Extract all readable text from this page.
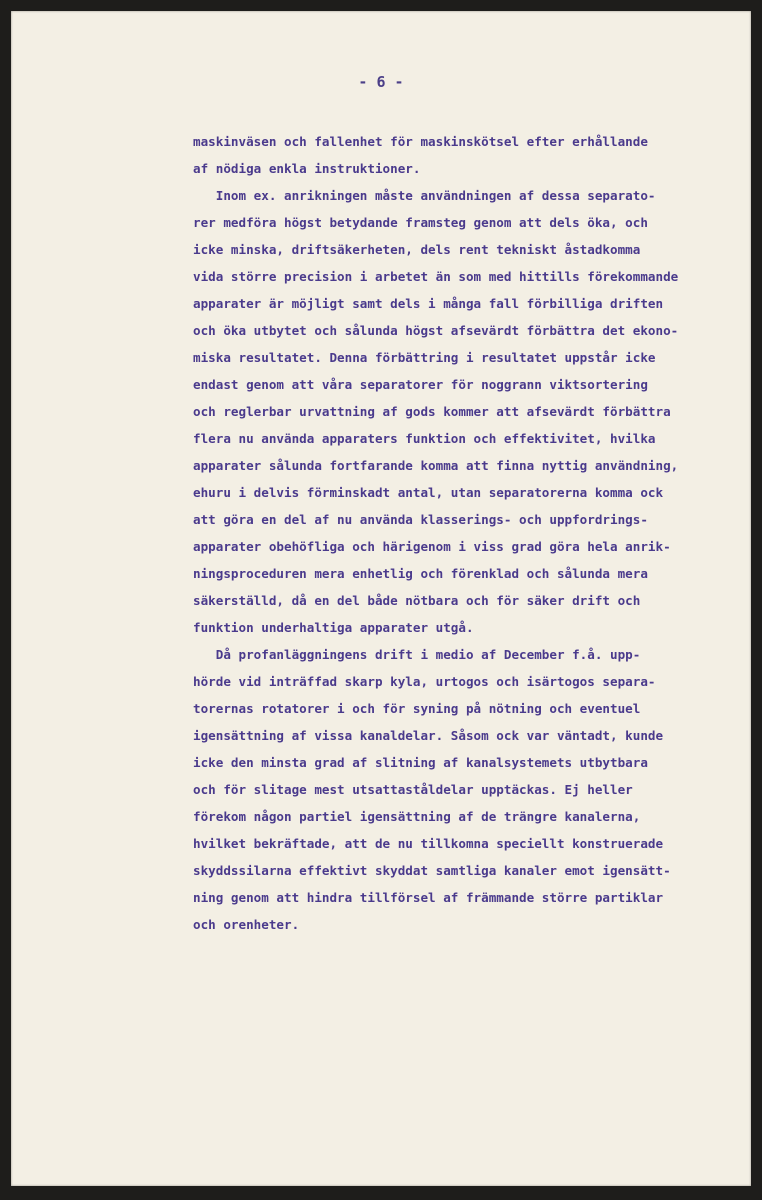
- 6 -
maskinväsen och fallenhet för maskinskötsel efter erhållande
af nödiga enkla instruktioner.
Inom ex. anrikningen måste användningen af dessa separato-
rer medföra högst betydande framsteg genom att dels öka, och
icke minska, driftsäkerheten, dels rent tekniskt åstadkomma
vida större precision i arbetet än som med hittills förekommande
apparater är möjligt samt dels i många fall förbilliga driften
och öka utbytet och sålunda högst afsevärdt förbättra det ekono-
miska resultatet. Denna förbättring i resultatet uppstår icke
endast genom att våra separatorer för noggrann viktsortering
och reglerbar urvattning af gods kommer att afsevärdt förbättra
flera nu använda apparaters funktion och effektivitet, hvilka
apparater sålunda fortfarande komma att finna nyttig användning,
ehuru i delvis förminskadt antal, utan separatorerna komma ock
att göra en del af nu använda klasserings- och uppfordrings-
apparater obehöfliga och härigenom i viss grad göra hela anrik-
ningsproceduren mera enhetlig och förenklad och sålunda mera
säkerställd, då en del både nötbara och för säker drift och
funktion underhaltiga apparater utgå.
Då profanläggningens drift i medio af December f.å. upp-
hörde vid inträffad skarp kyla, urtogos och isärtogos separa-
torernas rotatorer i och för syning på nötning och eventuel
igensättning af vissa kanaldelar. Såsom ock var väntadt, kunde
icke den minsta grad af slitning af kanalsystemets utbytbara
och för slitage mest utsattaståldelar upptäckas. Ej heller
förekom någon partiel igensättning af de trängre kanalerna,
hvilket bekräftade, att de nu tillkomna speciellt konstruerade
skyddssilarna effektivt skyddat samtliga kanaler emot igensätt-
ning genom att hindra tillförsel af främmande större partiklar
och orenheter.
